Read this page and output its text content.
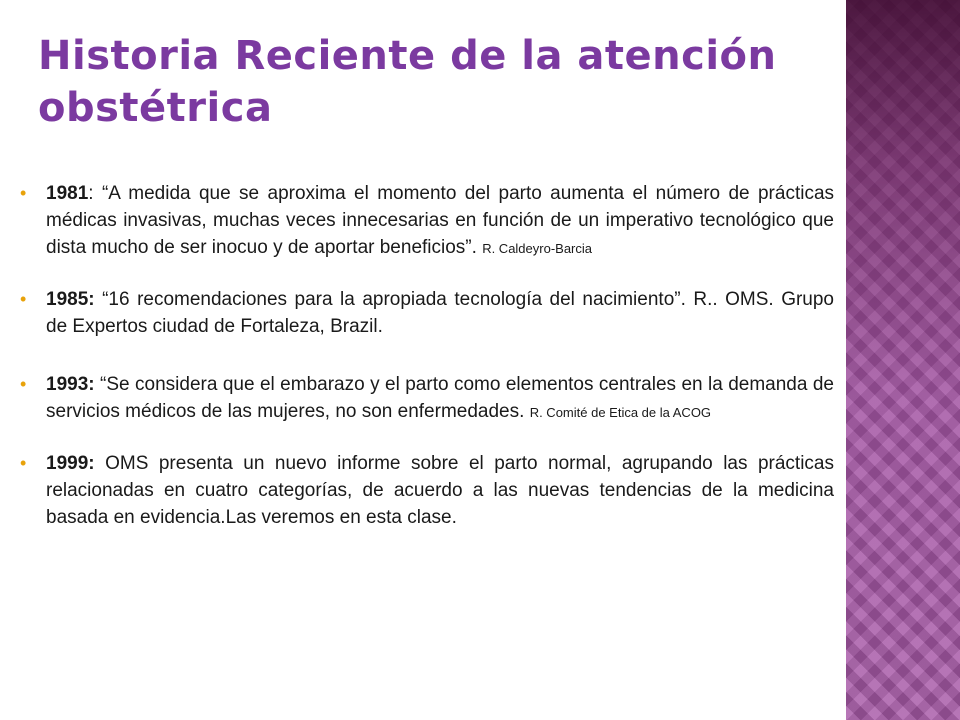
Historia Reciente de la atención obstétrica
• 1981: “A medida que se aproxima el momento del parto aumenta el número de prácticas médicas invasivas, muchas veces innecesarias en función de un imperativo tecnológico que dista mucho de ser inocuo y de aportar beneficios”. R. Caldeyro-Barcia
• 1985: “16 recomendaciones para la apropiada tecnología del nacimiento”. R.. OMS. Grupo de Expertos ciudad de Fortaleza, Brazil.
• 1993: “Se considera que el embarazo y el parto como elementos centrales en la demanda de servicios médicos de las mujeres, no son enfermedades. R. Comité de Etica de la ACOG
• 1999: OMS presenta un nuevo informe sobre el parto normal, agrupando las prácticas relacionadas en cuatro categorías, de acuerdo a las nuevas tendencias de la medicina basada en evidencia.Las veremos en esta clase.
